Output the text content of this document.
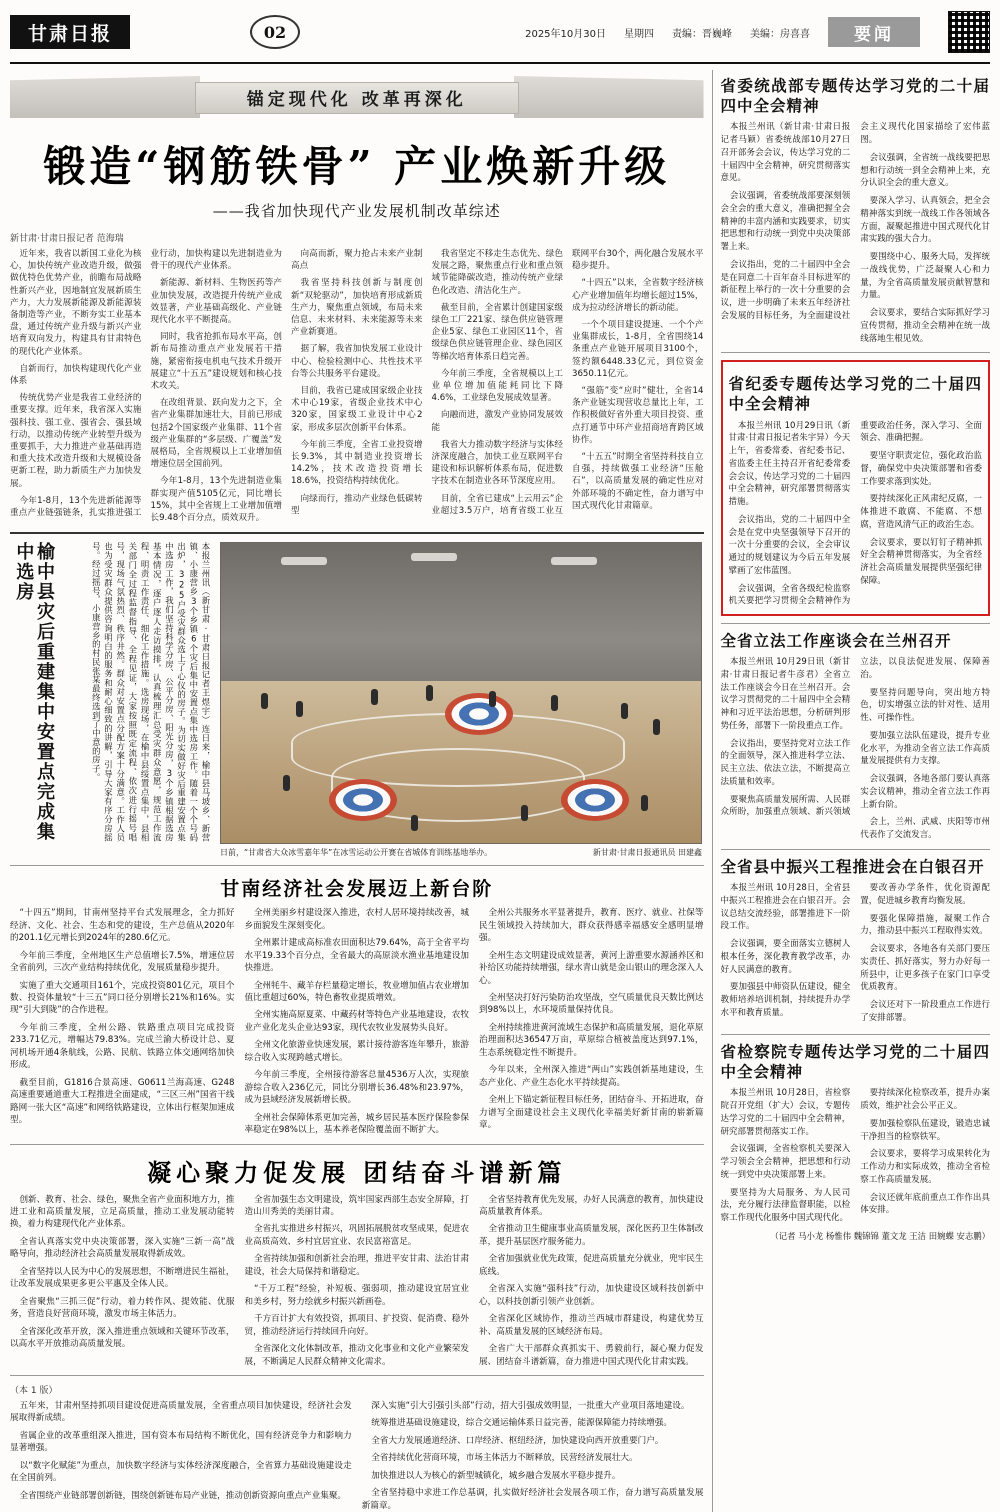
甘肃日报	02	2025年10月30日 星期四 责编：晋巍峰 美编：房喜喜	要闻
锚定现代化 改革再深化
锻造“钢筋铁骨” 产业焕新升级
——我省加快现代产业发展机制改革综述
新甘肃·甘肃日报记者 范海瑞

近年来，我省以新国工业化为核心，加快传统产业改造升级，做强做优特色优势产业，前瞻布局战略性新兴产业，因地制宜发展新质生产力，大力发展新能源及新能源装备制造等产业，不断夯实工业基本盘，通过传统产业升级与新兴产业培育双向发力，构建具有甘肃特色的现代化产业体系。

自新而行，加快构建现代化产业体系

传统优势产业是我省工业经济的重要支撑。近年来，我省深入实施强科技、强工业、强省会、强县域行动，以推动传统产业转型升级为重要抓手，大力推进产业基础再造和重大技术改造升级和大规模设备更新工程，助力新质生产力加快发展。

今年1-8月，13个先进新能源等重点产业链强链条，扎实推进强工业行动，加快构建以先进制造业为骨干的现代产业体系。

新能源、新材料、生物医药等产业加快发展，改造提升传统产业成效显著，产业基础高级化、产业链现代化水平不断提高。

同时，我省抢抓布局水平高，创新布局推动重点产业发展若干措施，紧密衔接电机电气技术升级开展建立“十五五”建设规划和核心技术攻关。

在改组背景、跃向发力之下，全省产业集群加速壮大，目前已形成包括2个国家级产业集群、11个省级产业集群的“多层级、广覆盖”发展格局，全省规模以上工业增加值增速位居全国前列。

今年1-8月，13个先进制造业集群实现产值5105亿元，同比增长15%，其中全省规上工业增加值增长9.48个百分点，质效双升。

向高而新，聚力抢占未来产业制高点

我省坚持科技创新与制度创新“双轮驱动”，加快培育形成新质生产力，聚焦重点领域，布局未来信息、未来材料、未来能源等未来产业新赛道。

据了解，我省加快发展工业设计中心、检验检测中心、共性技术平台等公共服务平台建设。

目前，我省已建成国家级企业技术中心19家，省级企业技术中心320家，国家级工业设计中心2家，形成多层次创新平台体系。

今年前三季度，全省工业投资增长9.3%，其中制造业投资增长14.2%，技术改造投资增长18.6%，投资结构持续优化。

向绿而行，推动产业绿色低碳转型

我省坚定不移走生态优先、绿色发展之路，聚焦重点行业和重点领域节能降碳改造，推动传统产业绿色化改造、清洁化生产。

截至目前，全省累计创建国家级绿色工厂221家、绿色供应链管理企业5家、绿色工业园区11个，省级绿色供应链管理企业、绿色园区等梯次培育体系日趋完善。

今年前三季度，全省规模以上工业单位增加值能耗同比下降4.6%，工业绿色发展成效显著。

向融而进，激发产业协同发展效能

我省大力推动数字经济与实体经济深度融合，加快工业互联网平台建设和标识解析体系布局，促进数字技术在制造业各环节深度应用。

目前，全省已建成“上云用云”企业超过3.5万户，培育省级工业互联网平台30个，两化融合发展水平稳步提升。

“十四五”以来，全省数字经济核心产业增加值年均增长超过15%，成为拉动经济增长的新动能。

一个个项目建设提速、一个个产业集群成长，1-8月，全省围绕14条重点产业链开展项目3100个，签约额6448.33亿元，到位资金3650.11亿元。

“强筋”变“应时”健壮，全省14条产业链实现营收总量比上年，工作积极做好省外重大项目投资、重点打通节中环产业招商培育跨区域协作。

“十五五”时期全省坚持科技自立自强，持续做强工业经济“压舱石”，以高质量发展的确定性应对外部环境的不确定性，奋力谱写中国式现代化甘肃篇章。

榆中县灾后重建集中安置点完成集中选房	本报兰州讯（新甘肃·甘肃日报记者王煜宇）连日来，榆中县马坡乡、新营镇、小康营乡3个乡镇6个灾后集中安置点集中选房工作。随着一个个号码出炉，325户受灾群众选上了心仪的房子。为切实做好灾后重建安置点集中选房工作，我们坚持科学分房、公平分房、阳光分房，3个乡镇根据选房基本情况，逐户逐人走访摸排，认真梳理汇总受灾群众意愿，规范工作流程、明责工作责任、细化工作措施。选房现场，在榆中县绥置点集中，县相关部门全过程监督指导、全程见证，大家按照既定流程、依次进行摇号唱号，现场气氛热烈、秩序井然。群众对安置点分配方案十分满意。工作人员也为受灾群众提供咨询明白的服务和耐心细致的讲解，引导大家有序分房摇号。经过摇号，小康营乡的村民张某最终选到了中意的房子。
日前，“甘肃省大众冰雪嘉年华”在冰雪运动公开赛在省城体育训练基地举办。	新甘肃·甘肃日报通讯员 田建鑫
甘南经济社会发展迈上新台阶

“十四五”期间，甘南州坚持平台式发展理念，全力抓好经济、文化、社会、生态和党的建设，生产总值从2020年的201.1亿元增长到2024年的280.6亿元。

今年前三季度，全州地区生产总值增长7.5%，增速位居全省前列，三次产业结构持续优化，发展质量稳步提升。

实施了重大交通项目161个，完成投资801亿元，项目个数、投资体量较“十三五”同口径分别增长21%和16%。实现“引大到陇”的合作进程。

今年前三季度，全州公路、铁路重点项目完成投资233.71亿元，增幅达79.83%。完成兰渝大桥设计总、夏河机场开通4条航线，公路、民航、铁路立体交通网络加快形成。

截至目前，G1816合景高速、G0611兰海高速、G248高速重要通道重大工程推进全面建成，“三区三州”国省干线路网一张大区“高速”和网络铁路建设，立体出行框架加速成型。

全州美丽乡村建设深入推进，农村人居环境持续改善，城乡面貌发生深刻变化。

全州累计建成高标准农田面积达79.64%，高于全省平均水平19.33个百分点，全省最大的高原淡水渔业基地建设加快推进。

全州牦牛、藏羊存栏量稳定增长，牧业增加值占农业增加值比重超过60%，特色畜牧业提质增效。

全州实施高原夏菜、中藏药材等特色产业基地建设，农牧业产业化龙头企业达93家，现代农牧业发展势头良好。

全州文化旅游业快速发展，累计接待游客连年攀升，旅游综合收入实现跨越式增长。

今年前三季度，全州接待游客总量4536万人次，实现旅游综合收入236亿元，同比分别增长36.48%和23.97%，成为县域经济发展新增长极。

全州社会保障体系更加完善，城乡居民基本医疗保险参保率稳定在98%以上，基本养老保险覆盖面不断扩大。

全州公共服务水平显著提升，教育、医疗、就业、社保等民生领域投入持续加大，群众获得感幸福感安全感明显增强。

全州生态文明建设成效显著，黄河上游重要水源涵养区和补给区功能持续增强，绿水青山就是金山银山的理念深入人心。

全州坚决打好污染防治攻坚战，空气质量优良天数比例达到98%以上，水环境质量保持优良。

全州持续推进黄河流域生态保护和高质量发展，退化草原治理面积达36547万亩，草原综合植被盖度达到97.1%，生态系统稳定性不断提升。

今年以来，全州深入推进“两山”实践创新基地建设，生态产业化、产业生态化水平持续提高。

全州上下锚定新征程目标任务，团结奋斗、开拓进取，奋力谱写全面建设社会主义现代化幸福美好新甘南的崭新篇章。

凝心聚力促发展 团结奋斗谱新篇

创新、教育、社会、绿色，聚焦全省产业面积地方力，推进工业和高质量发展，立足高质量，推动工业发展动能转换，着力构建现代化产业体系。

全省认真落实党中央决策部署，深入实施“三新一高”战略导向，推动经济社会高质量发展取得新成效。

全省坚持以人民为中心的发展思想，不断增进民生福祉，让改革发展成果更多更公平惠及全体人民。

全省聚焦“三抓三促”行动，着力转作风、提效能、优服务，营造良好营商环境，激发市场主体活力。

全省深化改革开放，深入推进重点领域和关键环节改革，以高水平开放推动高质量发展。

全省加强生态文明建设，筑牢国家西部生态安全屏障，打造山川秀美的美丽甘肃。

全省扎实推进乡村振兴，巩固拓展脱贫攻坚成果，促进农业高质高效、乡村宜居宜业、农民富裕富足。

全省持续加强和创新社会治理，推进平安甘肃、法治甘肃建设，社会大局保持和谐稳定。

“千万工程”经验，补短板、强弱项，推动建设宜居宜业和美乡村，努力绘就乡村振兴新画卷。

千方百计扩大有效投资，抓项目、扩投资、促消费、稳外贸，推动经济运行持续回升向好。

全省深化文化体制改革，推动文化事业和文化产业繁荣发展，不断满足人民群众精神文化需求。

全省坚持教育优先发展，办好人民满意的教育，加快建设高质量教育体系。

全省推动卫生健康事业高质量发展，深化医药卫生体制改革，提升基层医疗服务能力。

全省加强就业优先政策，促进高质量充分就业，兜牢民生底线。

全省深入实施“强科技”行动，加快建设区域科技创新中心，以科技创新引领产业创新。

全省深化区域协作，推动兰西城市群建设，构建优势互补、高质量发展的区域经济布局。

全省广大干部群众真抓实干、勇毅前行，凝心聚力促发展、团结奋斗谱新篇，奋力推进中国式现代化甘肃实践。

（本 1 版）

五年来，甘肃州坚持抓项目建设促进高质量发展，全省重点项目加快建设，经济社会发展取得新成绩。

省属企业的改革重组深入推进，国有资本布局结构不断优化，国有经济竞争力和影响力显著增强。

以“数字化赋能”为重点，加快数字经济与实体经济深度融合，全省算力基础设施建设走在全国前列。

全省围绕产业链部署创新链，围绕创新链布局产业链，推动创新资源向重点产业集聚。

深入实施“引大引强引头部”行动，招大引强成效明显，一批重大产业项目落地建设。

统筹推进基础设施建设，综合交通运输体系日益完善，能源保障能力持续增强。

全省大力发展通道经济、口岸经济、枢纽经济，加快建设向西开放重要门户。

全省持续优化营商环境，市场主体活力不断释放，民营经济发展壮大。

加快推进以人为核心的新型城镇化，城乡融合发展水平稳步提升。

全省坚持稳中求进工作总基调，扎实做好经济社会发展各项工作，奋力谱写高质量发展新篇章。

省委统战部专题传达学习党的二十届四中全会精神

本报兰州讯（新甘肃·甘肃日报记者马颖）省委统战部10月27日召开部务会会议，传达学习党的二十届四中全会精神，研究贯彻落实意见。

会议强调，省委统战部要深刻领会全会的重大意义，准确把握全会精神的丰富内涵和实践要求，切实把思想和行动统一到党中央决策部署上来。

会议指出，党的二十届四中全会是在同意二十百年奋斗目标进军的新征程上举行的一次十分重要的会议，进一步明确了未来五年经济社会发展的目标任务，为全面建设社会主义现代化国家描绘了宏伟蓝图。

会议强调，全省统一战线要把思想和行动统一到全会精神上来，充分认识全会的重大意义。

要深入学习、认真领会，把全会精神落实到统一战线工作各领域各方面，凝聚起推进中国式现代化甘肃实践的强大合力。

要围绕中心、服务大局，发挥统一战线优势，广泛凝聚人心和力量，为全省高质量发展贡献智慧和力量。

会议要求，要结合实际抓好学习宣传贯彻，推动全会精神在统一战线落地生根见效。

省纪委专题传达学习党的二十届四中全会精神

本报兰州讯 10月29日讯（新甘肃·甘肃日报记者朱宇异）今天上午，省委常委、省纪委书记、省监委主任主持召开省纪委常委会会议，传达学习党的二十届四中全会精神，研究部署贯彻落实措施。

会议指出，党的二十届四中全会是在党中央坚强领导下召开的一次十分重要的会议，全会审议通过的规划建议为今后五年发展擘画了宏伟蓝图。

会议强调，全省各级纪检监察机关要把学习贯彻全会精神作为重要政治任务，深入学习、全面领会、准确把握。

要坚守职责定位，强化政治监督，确保党中央决策部署和省委工作要求落到实处。

要持续深化正风肃纪反腐，一体推进不敢腐、不能腐、不想腐，营造风清气正的政治生态。

会议要求，要以钉钉子精神抓好全会精神贯彻落实，为全省经济社会高质量发展提供坚强纪律保障。

全省立法工作座谈会在兰州召开

本报兰州讯 10月29日讯（新甘肃·甘肃日报记者牛彦君）全省立法工作座谈会今日在兰州召开。会议学习贯彻党的二十届四中全会精神和习近平法治思想，分析研判形势任务，部署下一阶段重点工作。

会议指出，要坚持党对立法工作的全面领导，深入推进科学立法、民主立法、依法立法，不断提高立法质量和效率。

要聚焦高质量发展所需、人民群众所盼，加强重点领域、新兴领域立法，以良法促进发展、保障善治。

要坚持问题导向，突出地方特色，切实增强立法的针对性、适用性、可操作性。

要加强立法队伍建设，提升专业化水平，为推动全省立法工作高质量发展提供有力支撑。

会议强调，各地各部门要认真落实会议精神，推动全省立法工作再上新台阶。

会上，兰州、武威、庆阳等市州代表作了交流发言。

全省县中振兴工程推进会在白银召开

本报兰州讯 10月28日，全省县中振兴工程推进会在白银召开。会议总结交流经验，部署推进下一阶段工作。

会议强调，要全面落实立德树人根本任务，深化教育教学改革，办好人民满意的教育。

要加强县中师资队伍建设，健全教师培养培训机制，持续提升办学水平和教育质量。

要改善办学条件，优化资源配置，促进城乡教育均衡发展。

要强化保障措施，凝聚工作合力，推动县中振兴工程取得实效。

会议要求，各地各有关部门要压实责任、抓好落实，努力办好每一所县中，让更多孩子在家门口享受优质教育。

会议还对下一阶段重点工作进行了安排部署。

省检察院专题传达学习党的二十届四中全会精神

本报兰州讯 10月28日，省检察院召开党组（扩大）会议，专题传达学习党的二十届四中全会精神，研究部署贯彻落实工作。

会议强调，全省检察机关要深入学习领会全会精神，把思想和行动统一到党中央决策部署上来。

要坚持为大局服务、为人民司法，充分履行法律监督职能，以检察工作现代化服务中国式现代化。

要持续深化检察改革，提升办案质效，维护社会公平正义。

要加强检察队伍建设，锻造忠诚干净担当的检察铁军。

会议要求，要将学习成果转化为工作动力和实际成效，推动全省检察工作高质量发展。

会议还就年底前重点工作作出具体安排。

（记者 马小龙 杨惟伟 魏锦锦 董文龙 王洁 田婉蝶 安志鹏）
